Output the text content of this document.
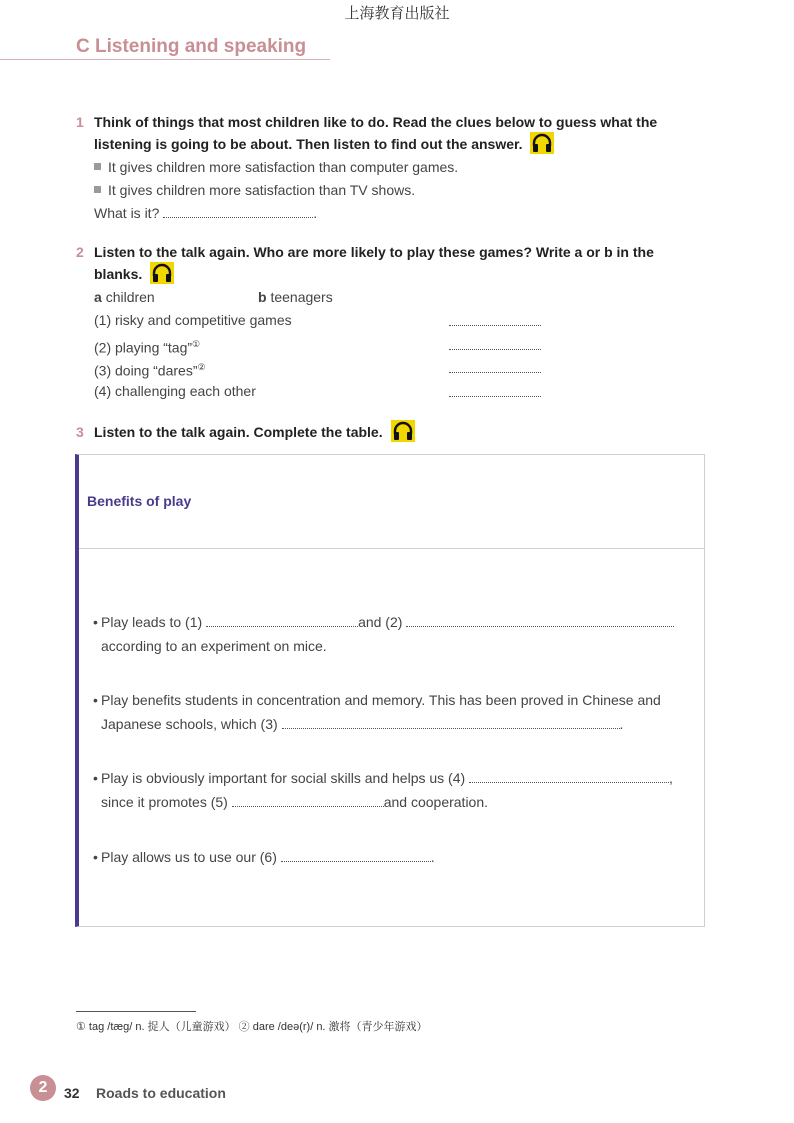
上海教育出版社
C Listening and speaking
1 Think of things that most children like to do. Read the clues below to guess what the listening is going to be about. Then listen to find out the answer.
It gives children more satisfaction than computer games.
It gives children more satisfaction than TV shows.
What is it?	.
2 Listen to the talk again. Who are more likely to play these games? Write a or b in the blanks.
a children	b teenagers
(1) risky and competitive games
(2) playing “tag”①
(3) doing “dares”②
(4) challenging each other
3 Listen to the talk again. Complete the table.
Benefits of play
• Play leads to (1)	and (2)
according to an experiment on mice.
• Play benefits students in concentration and memory. This has been proved in Chinese and
Japanese schools, which (3)	.
• Play is obviously important for social skills and helps us (4)	,
since it promotes (5)	and cooperation.
• Play allows us to use our (6)	.
① tag /tæɡ/ n. 捉人（儿童游戏） ② dare /deə(r)/ n. 激将（青少年游戏）
2	32 Roads to education
